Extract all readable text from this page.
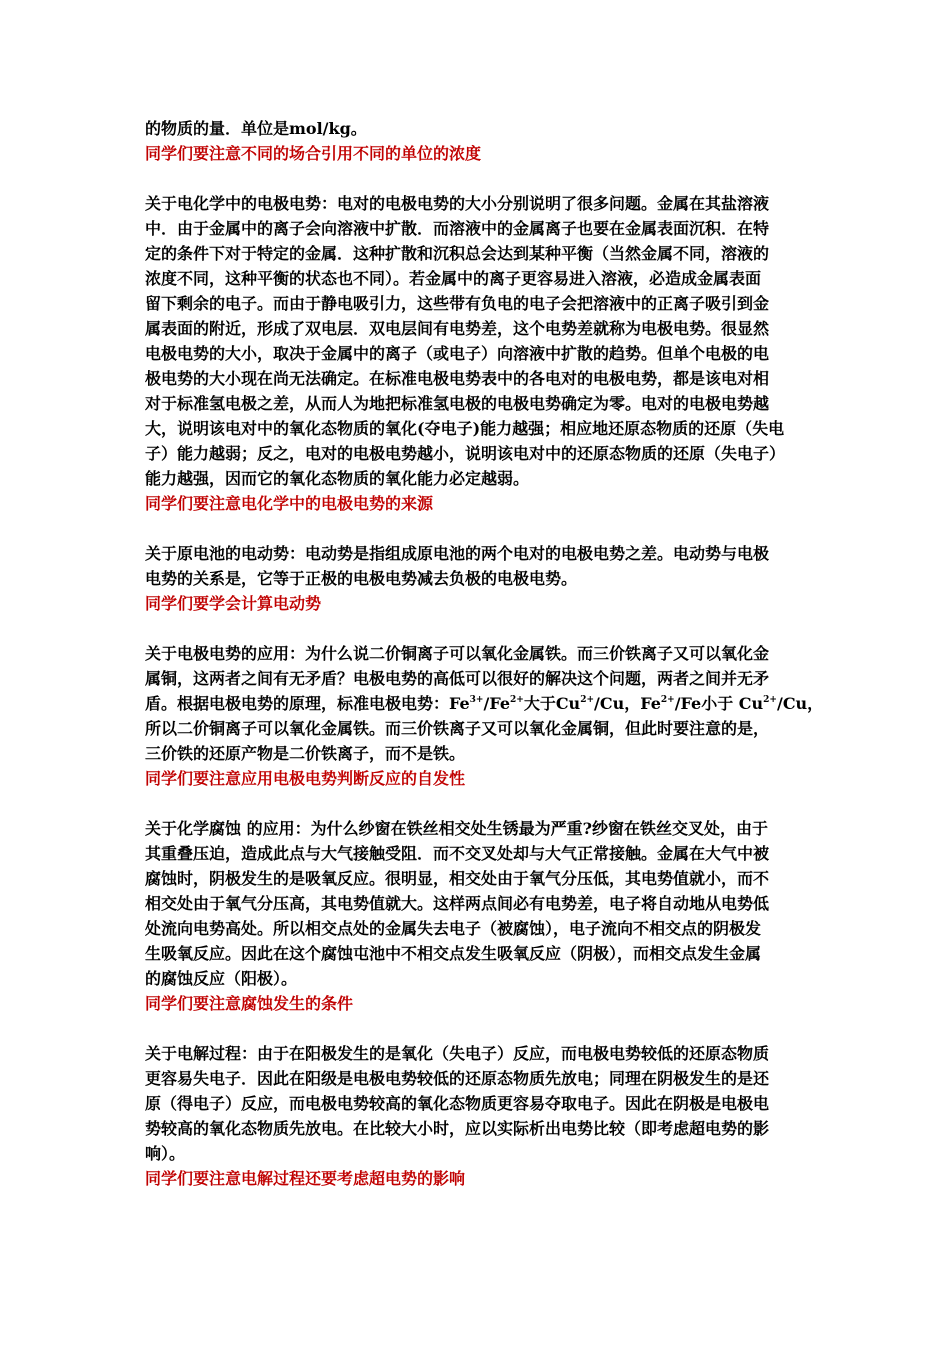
的物质的量．单位是mol/kg。
同学们要注意不同的场合引用不同的单位的浓度
关于电化学中的电极电势：电对的电极电势的大小分别说明了很多问题。金属在其盐溶液
中．由于金属中的离子会向溶液中扩散．而溶液中的金属离子也要在金属表面沉积．在特
定的条件下对于特定的金属．这种扩散和沉积总会达到某种平衡（当然金属不同，溶液的
浓度不同，这种平衡的状态也不同）。若金属中的离子更容易进入溶液，必造成金属表面
留下剩余的电子。而由于静电吸引力，这些带有负电的电子会把溶液中的正离子吸引到金
属表面的附近，形成了双电层．双电层间有电势差，这个电势差就称为电极电势。很显然
电极电势的大小，取决于金属中的离子（或电子）向溶液中扩散的趋势。但单个电极的电
极电势的大小现在尚无法确定。在标准电极电势表中的各电对的电极电势，都是该电对相
对于标准氢电极之差，从而人为地把标准氢电极的电极电势确定为零。电对的电极电势越
大，说明该电对中的氧化态物质的氧化(夺电子)能力越强；相应地还原态物质的还原（失电
子）能力越弱；反之，电对的电极电势越小，说明该电对中的还原态物质的还原（失电子）
能力越强，因而它的氧化态物质的氧化能力必定越弱。
同学们要注意电化学中的电极电势的来源
关于原电池的电动势：电动势是指组成原电池的两个电对的电极电势之差。电动势与电极
电势的关系是，它等于正极的电极电势减去负极的电极电势。
同学们要学会计算电动势
关于电极电势的应用：为什么说二价铜离子可以氧化金属铁。而三价铁离子又可以氧化金
属铜，这两者之间有无矛盾？电极电势的高低可以很好的解决这个问题，两者之间并无矛
盾。根据电极电势的原理，标准电极电势：$Fe^{3+}/Fe^{2+}$大于$Cu^{2+}/Cu$，$Fe^{2+}/Fe$小于 $Cu^{2+}/Cu$，
所以二价铜离子可以氧化金属铁。而三价铁离子又可以氧化金属铜，但此时要注意的是，
三价铁的还原产物是二价铁离子，而不是铁。
同学们要注意应用电极电势判断反应的自发性
关于化学腐蚀 的应用：为什么纱窗在铁丝相交处生锈最为严重?纱窗在铁丝交叉处，由于
其重叠压迫，造成此点与大气接触受阻．而不交叉处却与大气正常接触。金属在大气中被
腐蚀时，阴极发生的是吸氧反应。很明显，相交处由于氧气分压低，其电势值就小，而不
相交处由于氧气分压高，其电势值就大。这样两点间必有电势差，电子将自动地从电势低
处流向电势高处。所以相交点处的金属失去电子（被腐蚀），电子流向不相交点的阴极发
生吸氧反应。因此在这个腐蚀屯池中不相交点发生吸氧反应（阴极），而相交点发生金属
的腐蚀反应（阳极）。
同学们要注意腐蚀发生的条件
关于电解过程：由于在阳极发生的是氧化（失电子）反应，而电极电势较低的还原态物质
更容易失电子．因此在阳级是电极电势较低的还原态物质先放电；同理在阴极发生的是还
原（得电子）反应，而电极电势较高的氧化态物质更容易夺取电子。因此在阴极是电极电
势较高的氧化态物质先放电。在比较大小时，应以实际析出电势比较（即考虑超电势的影
响）。
同学们要注意电解过程还要考虑超电势的影响
